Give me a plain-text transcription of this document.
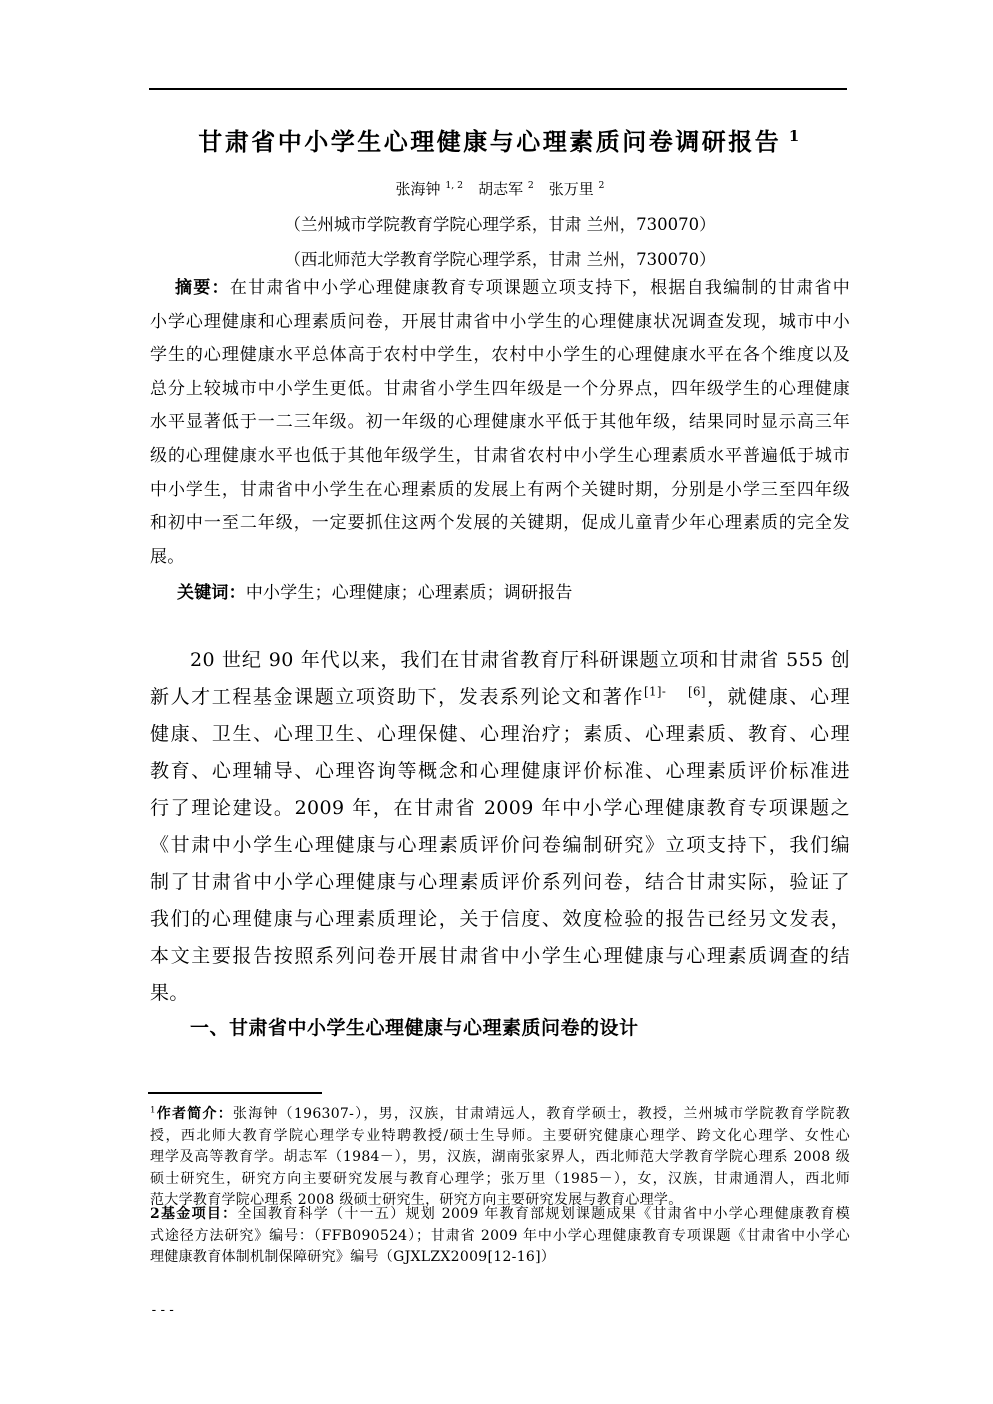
甘肃省中小学生心理健康与心理素质问卷调研报告 $^1$
张海钟 $^{1, 2}$　胡志军 $^2$　张万里 $^2$
（兰州城市学院教育学院心理学系，甘肃 兰州，730070）
（西北师范大学教育学院心理学系，甘肃 兰州，730070）
摘要：在甘肃省中小学心理健康教育专项课题立项支持下，根据自我编制的甘肃省中
小学心理健康和心理素质问卷，开展甘肃省中小学生的心理健康状况调查发现，城市中小
学生的心理健康水平总体高于农村中学生，农村中小学生的心理健康水平在各个维度以及
总分上较城市中小学生更低。甘肃省小学生四年级是一个分界点，四年级学生的心理健康
水平显著低于一二三年级。初一年级的心理健康水平低于其他年级，结果同时显示高三年
级的心理健康水平也低于其他年级学生，甘肃省农村中小学生心理素质水平普遍低于城市
中小学生，甘肃省中小学生在心理素质的发展上有两个关键时期，分别是小学三至四年级
和初中一至二年级，一定要抓住这两个发展的关键期，促成儿童青少年心理素质的完全发
展。
关键词：中小学生；心理健康；心理素质；调研报告
20 世纪 90 年代以来，我们在甘肃省教育厅科研课题立项和甘肃省 555 创
新人才工程基金课题立项资助下，发表系列论文和著作$^{[1]-}$　 [6]，就健康、心理
健康、卫生、心理卫生、心理保健、心理治疗；素质、心理素质、教育、心理
教育、心理辅导、心理咨询等概念和心理健康评价标准、心理素质评价标准进
行了理论建设。2009 年，在甘肃省 2009 年中小学心理健康教育专项课题之
《甘肃中小学生心理健康与心理素质评价问卷编制研究》立项支持下，我们编
制了甘肃省中小学心理健康与心理素质评价系列问卷，结合甘肃实际，验证了
我们的心理健康与心理素质理论，关于信度、效度检验的报告已经另文发表，
本文主要报告按照系列问卷开展甘肃省中小学生心理健康与心理素质调查的结
果。
一、甘肃省中小学生心理健康与心理素质问卷的设计
$^1$作者简介：张海钟（196307-），男，汉族，甘肃靖远人，教育学硕士，教授，兰州城市学院教育学院教
授，西北师大教育学院心理学专业特聘教授/硕士生导师。主要研究健康心理学、跨文化心理学、女性心
理学及高等教育学。胡志军（1984－），男，汉族，湖南张家界人，西北师范大学教育学院心理系 2008 级
硕士研究生，研究方向主要研究发展与教育心理学；张万里（1985－），女，汉族，甘肃通渭人，西北师
范大学教育学院心理系 2008 级硕士研究生，研究方向主要研究发展与教育心理学。
2基金项目：全国教育科学（十一五）规划 2009 年教育部规划课题成果《甘肃省中小学心理健康教育模
式途径方法研究》编号：（FFB090524）；甘肃省 2009 年中小学心理健康教育专项课题《甘肃省中小学心
理健康教育体制机制保障研究》编号（GJXLZX2009[12-16]）
---
